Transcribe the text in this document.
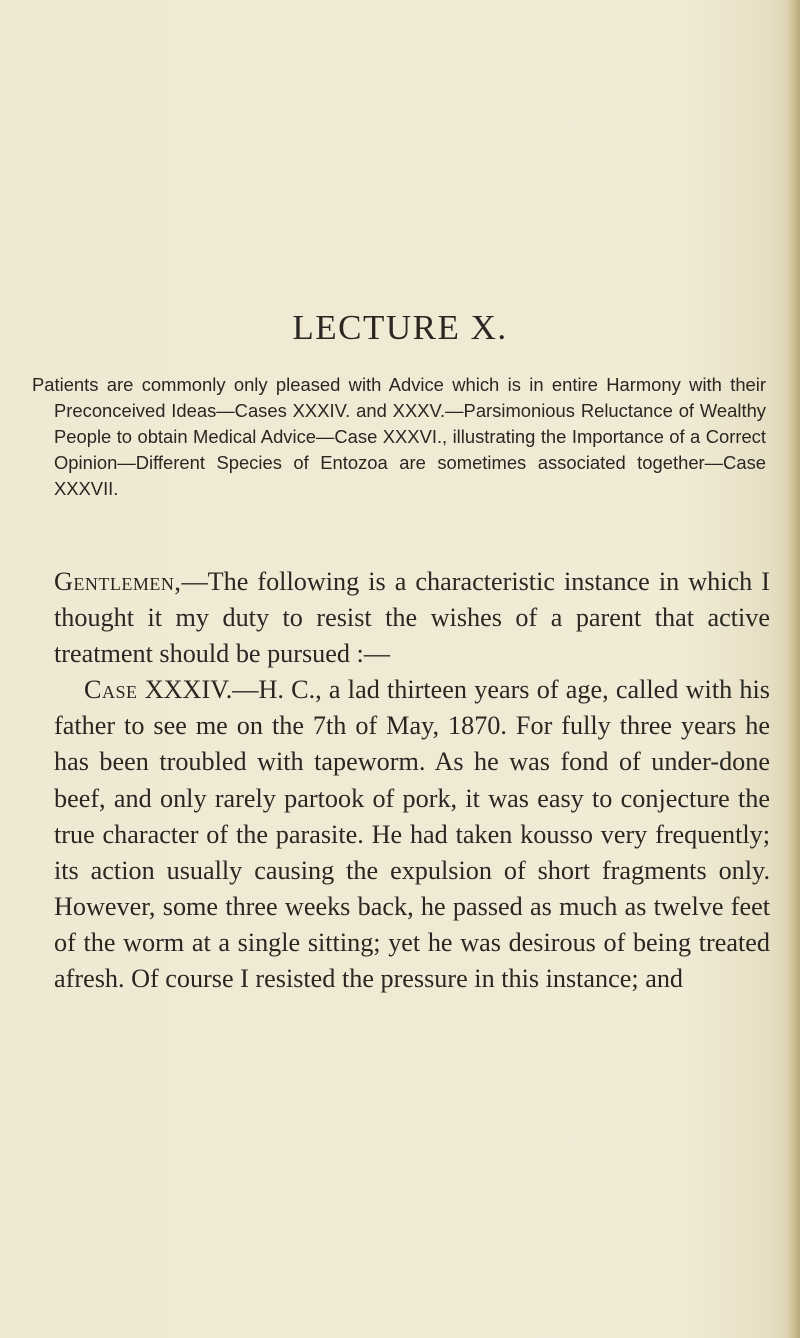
LECTURE X.

Patients are commonly only pleased with Advice which is in entire Harmony with their Preconceived Ideas—Cases XXXIV. and XXXV.—Parsimonious Reluctance of Wealthy People to obtain Medical Advice—Case XXXVI., illustrating the Importance of a Correct Opinion—Different Species of Entozoa are sometimes associated together—Case XXXVII.

Gentlemen,—The following is a characteristic instance in which I thought it my duty to resist the wishes of a parent that active treatment should be pursued :—

Case XXXIV.—H. C., a lad thirteen years of age, called with his father to see me on the 7th of May, 1870. For fully three years he has been troubled with tapeworm. As he was fond of under-done beef, and only rarely partook of pork, it was easy to conjecture the true character of the parasite. He had taken kousso very frequently; its action usually causing the expulsion of short fragments only. However, some three weeks back, he passed as much as twelve feet of the worm at a single sitting; yet he was desirous of being treated afresh. Of course I resisted the pressure in this instance; and
